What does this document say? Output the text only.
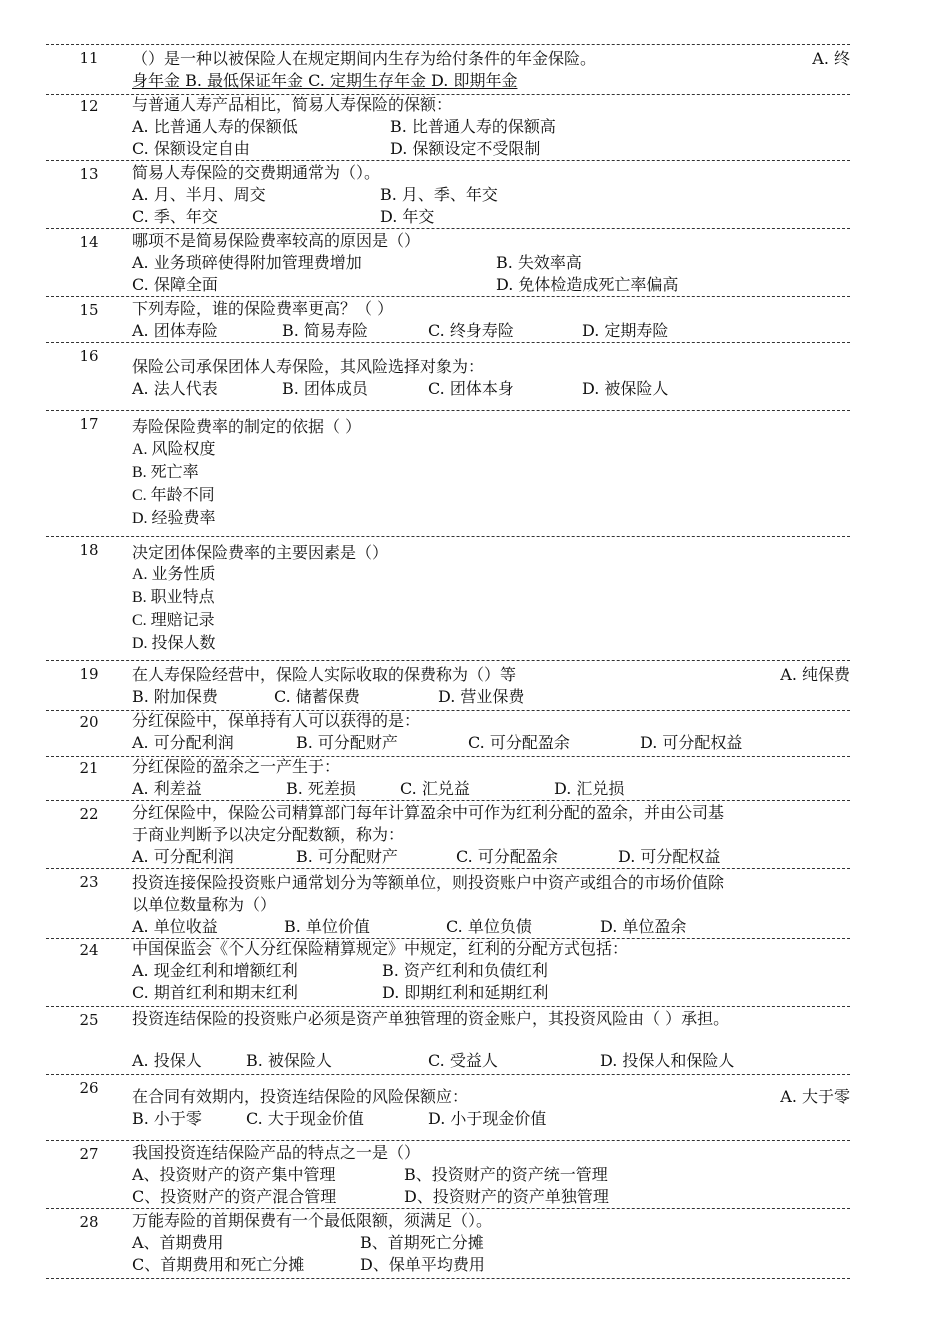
11 （）是一种以被保险人在规定期间内生存为给付条件的年金保险。	A. 终
身年金 B. 最低保证年金 C. 定期生存年金 D. 即期年金
12 与普通人寿产品相比，简易人寿保险的保额：
A. 比普通人寿的保额低	B. 比普通人寿的保额高
C. 保额设定自由	D. 保额设定不受限制
13 简易人寿保险的交费期通常为（）。
A. 月、半月、周交	B. 月、季、年交
C. 季、年交	D. 年交
14 哪项不是简易保险费率较高的原因是（）
A. 业务琐碎使得附加管理费增加	B. 失效率高
C. 保障全面	D. 免体检造成死亡率偏高
15 下列寿险，谁的保险费率更高？（ ）
A. 团体寿险	B. 简易寿险	C. 终身寿险	D. 定期寿险
16
保险公司承保团体人寿保险，其风险选择对象为：
A. 法人代表	B. 团体成员	C. 团体本身	D. 被保险人
17 寿险保险费率的制定的依据（ ）
A. 风险权度
B. 死亡率
C. 年龄不同
D. 经验费率
18 决定团体保险费率的主要因素是（）
A. 业务性质
B. 职业特点
C. 理赔记录
D. 投保人数
19 在人寿保险经营中，保险人实际收取的保费称为（）等	A. 纯保费
B. 附加保费	C. 储蓄保费	D. 营业保费
20 分红保险中，保单持有人可以获得的是：
A. 可分配利润	B. 可分配财产	C. 可分配盈余	D. 可分配权益
21 分红保险的盈余之一产生于：
A. 利差益	B. 死差损	C. 汇兑益	D. 汇兑损
22 分红保险中，保险公司精算部门每年计算盈余中可作为红利分配的盈余，并由公司基
于商业判断予以决定分配数额，称为：
A. 可分配利润	B. 可分配财产	C. 可分配盈余	D. 可分配权益
23 投资连接保险投资账户通常划分为等额单位，则投资账户中资产或组合的市场价值除
以单位数量称为（）
A. 单位收益	B. 单位价值	C. 单位负债	D. 单位盈余
24 中国保监会《个人分红保险精算规定》中规定，红利的分配方式包括：
A. 现金红利和增额红利	B. 资产红利和负债红利
C. 期首红利和期末红利	D. 即期红利和延期红利
25 投资连结保险的投资账户必须是资产单独管理的资金账户，其投资风险由（ ）承担。
A. 投保人	B. 被保险人	C. 受益人	D. 投保人和保险人
26 在合同有效期内，投资连结保险的风险保额应：	A. 大于零
B. 小于零	C. 大于现金价值	D. 小于现金价值
27 我国投资连结保险产品的特点之一是（）
A、投资财产的资产集中管理	B、投资财产的资产统一管理
C、投资财产的资产混合管理	D、投资财产的资产单独管理
28 万能寿险的首期保费有一个最低限额，须满足（）。
A、首期费用	B、首期死亡分摊
C、首期费用和死亡分摊	D、保单平均费用
